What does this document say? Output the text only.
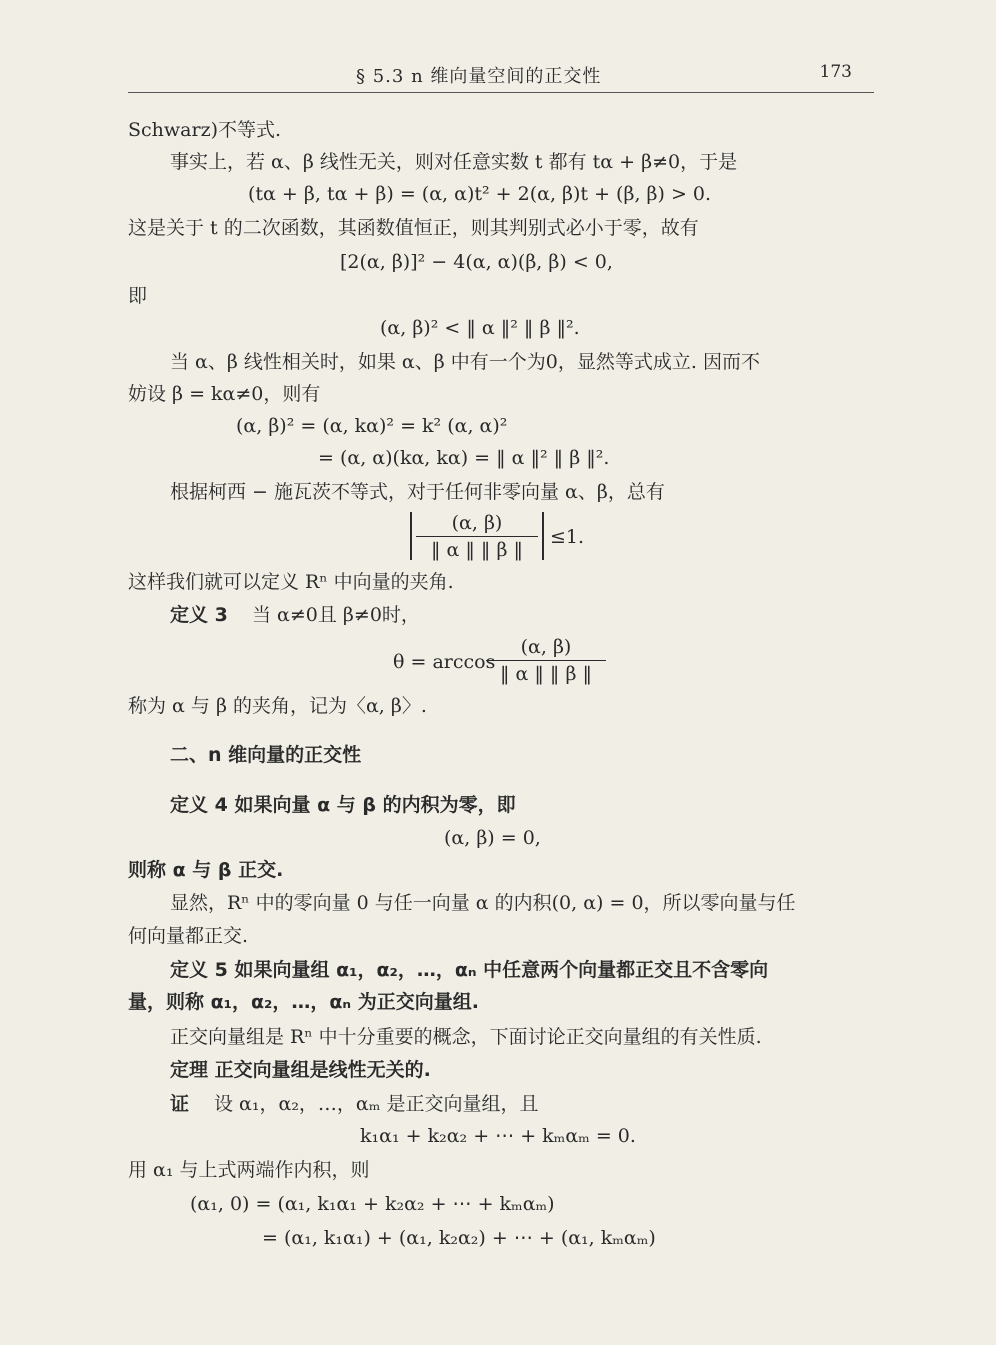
§ 5.3 n 维向量空间的正交性	173
Schwarz)不等式.
事实上，若 α、β 线性无关，则对任意实数 t 都有 tα + β≠0，于是
(tα + β, tα + β) = (α, α)t² + 2(α, β)t + (β, β) > 0.
这是关于 t 的二次函数，其函数值恒正，则其判别式必小于零，故有
[2(α, β)]² − 4(α, α)(β, β) < 0,
即
(α, β)² < ‖ α ‖² ‖ β ‖².
当 α、β 线性相关时，如果 α、β 中有一个为0，显然等式成立. 因而不
妨设 β = kα≠0，则有
(α, β)² = (α, kα)² = k² (α, α)²
= (α, α)(kα, kα) = ‖ α ‖² ‖ β ‖².
根据柯西 − 施瓦茨不等式，对于任何非零向量 α、β，总有
$\frac{(\alpha, \beta)}{‖ \alpha ‖ ‖ \beta ‖} \le 1$.
这样我们就可以定义 Rⁿ 中向量的夹角.
定义 3 当 α≠0且 β≠0时，
θ = arccos
$\frac{(\alpha, \beta)}{‖ \alpha ‖ ‖ \beta ‖}$
称为 α 与 β 的夹角，记为〈α, β〉.
二、n 维向量的正交性
定义 4 如果向量 α 与 β 的内积为零，即
(α, β) = 0,
则称 α 与 β 正交.
显然，Rⁿ 中的零向量 0 与任一向量 α 的内积(0, α) = 0，所以零向量与任
何向量都正交.
定义 5 如果向量组 α₁，α₂，…，αₙ 中任意两个向量都正交且不含零向
量，则称 α₁，α₂，…，αₙ 为正交向量组.
正交向量组是 Rⁿ 中十分重要的概念，下面讨论正交向量组的有关性质.
定理 正交向量组是线性无关的.
证 设 α₁，α₂，…，αₘ 是正交向量组，且
k₁α₁ + k₂α₂ + ⋯ + kₘαₘ = 0.
用 α₁ 与上式两端作内积，则
(α₁, 0) = (α₁, k₁α₁ + k₂α₂ + ⋯ + kₘαₘ)
= (α₁, k₁α₁) + (α₁, k₂α₂) + ⋯ + (α₁, kₘαₘ)
